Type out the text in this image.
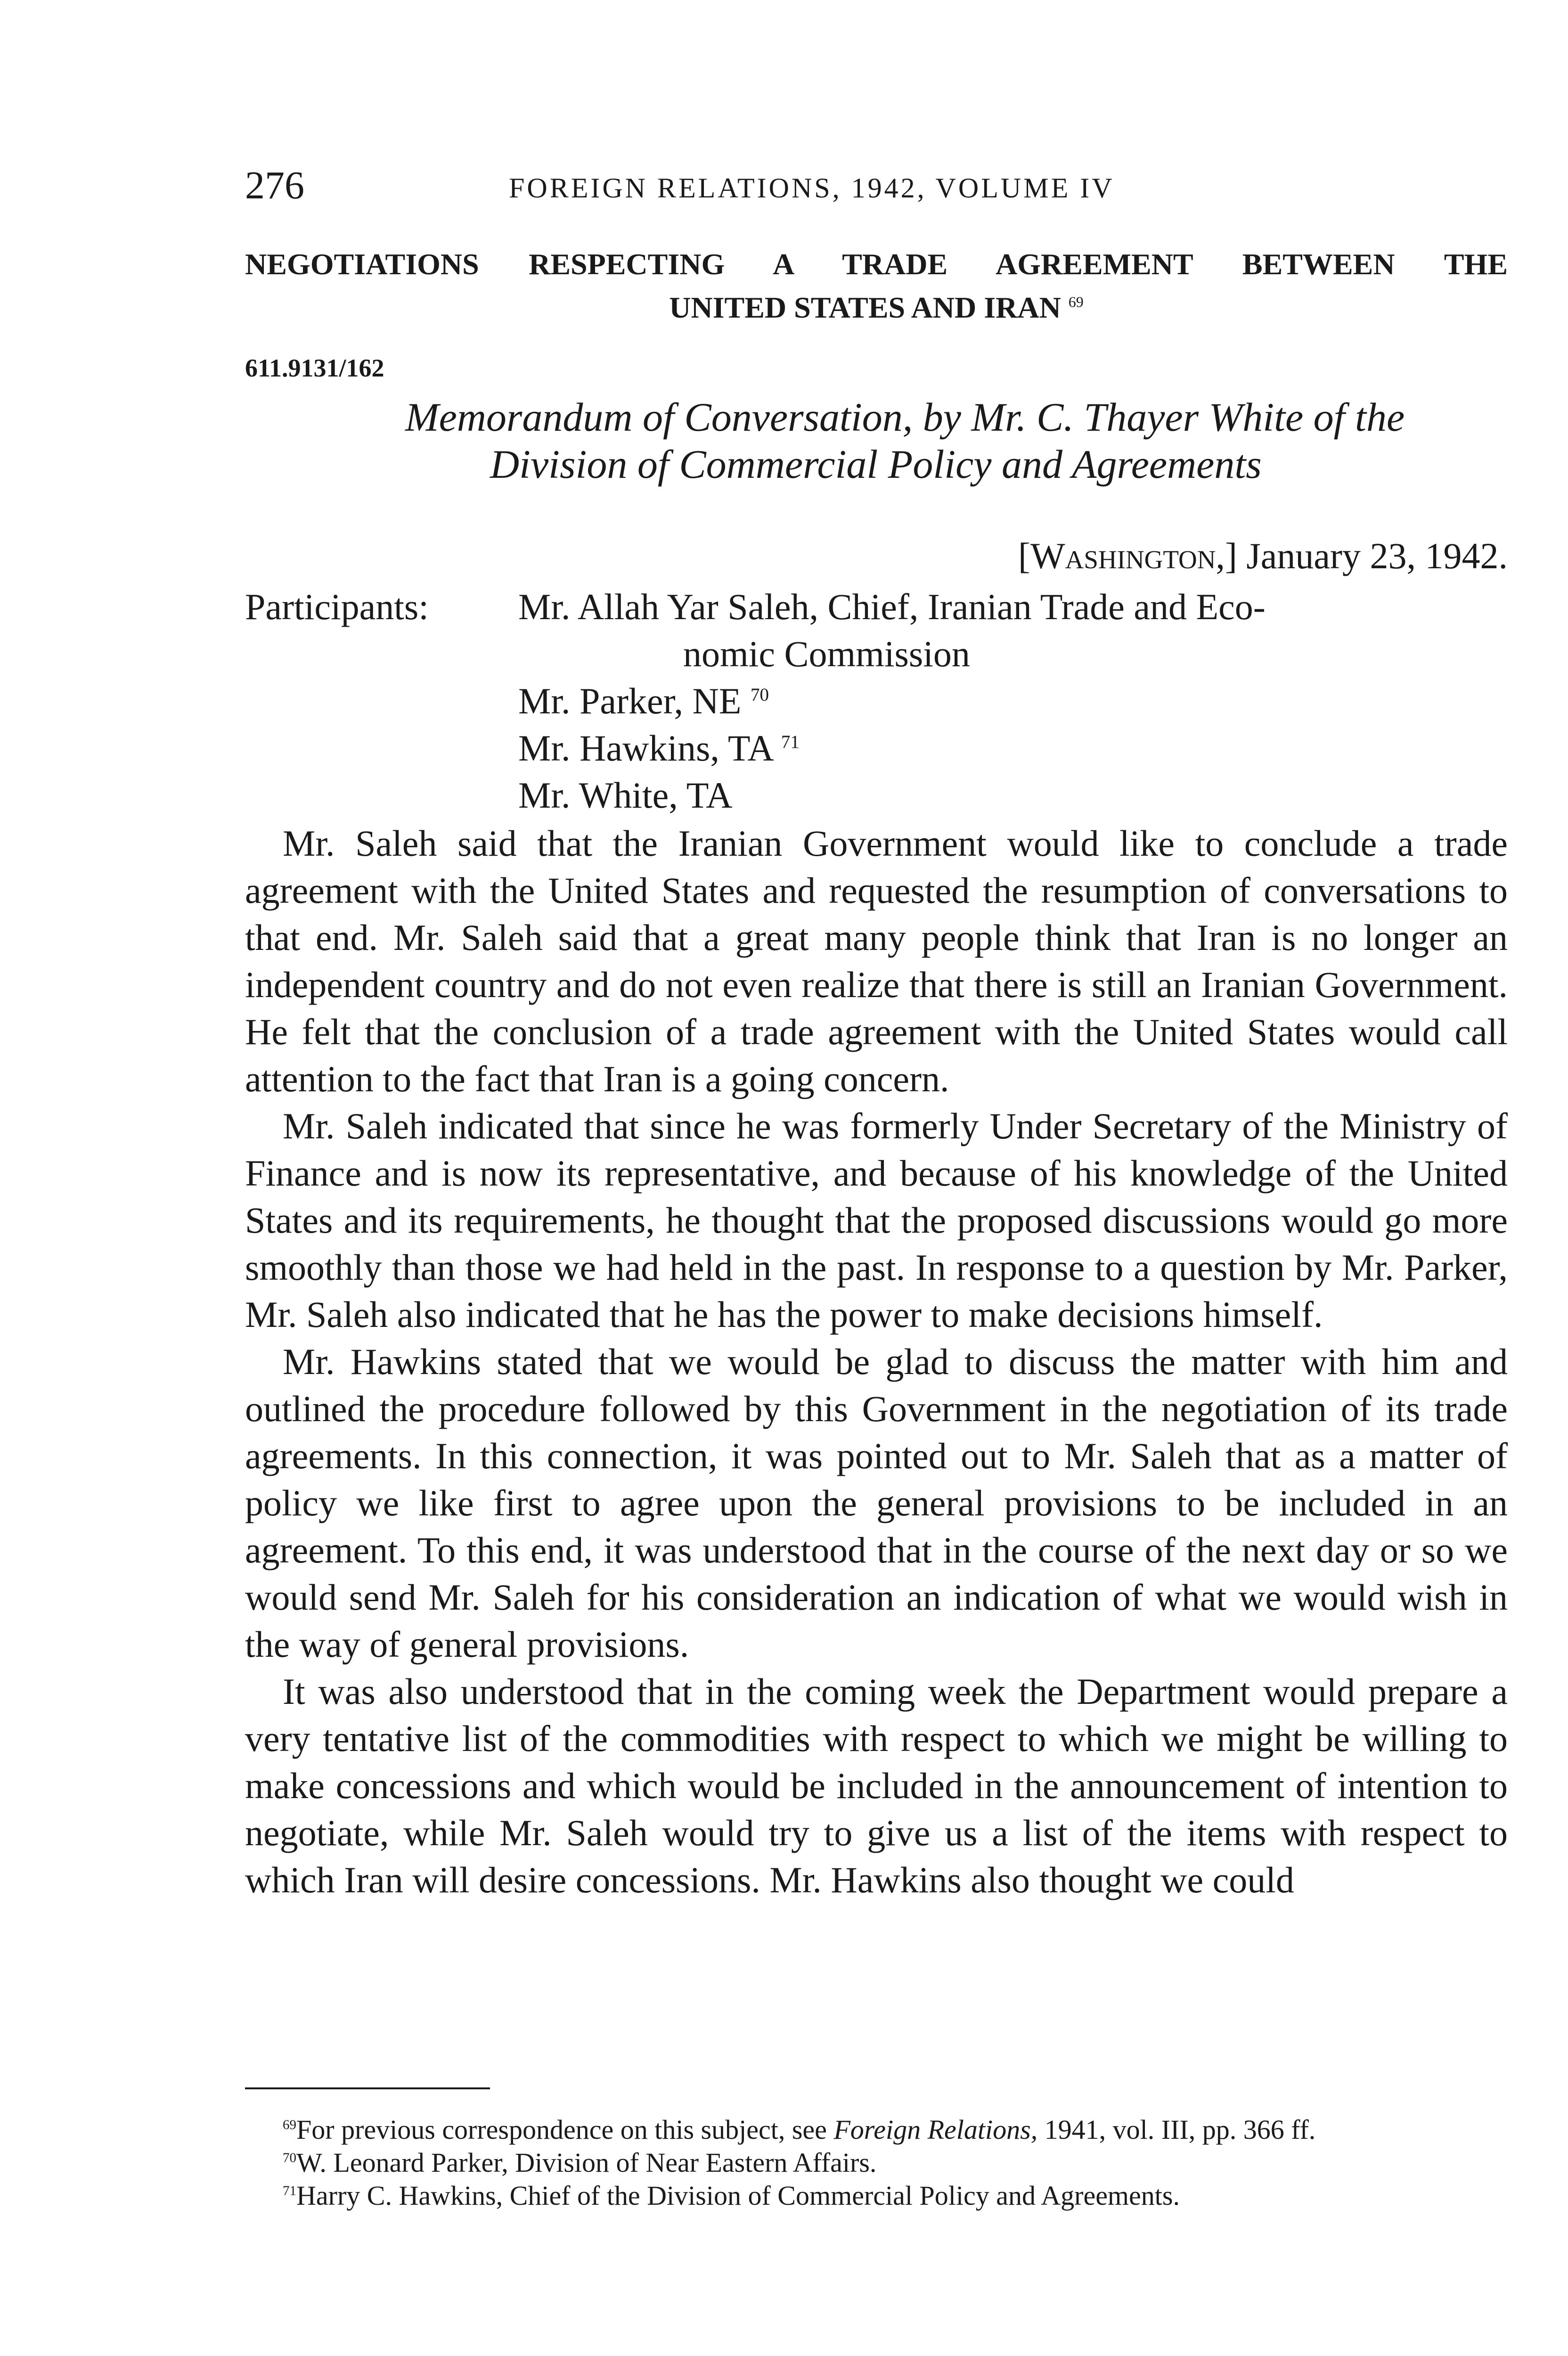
276	FOREIGN RELATIONS, 1942, VOLUME IV
NEGOTIATIONS RESPECTING A TRADE AGREEMENT BETWEEN THE
UNITED STATES AND IRAN $^{69}$
611.9131/162
Memorandum of Conversation, by Mr. C. Thayer White of the
Division of Commercial Policy and Agreements
[Washington,] January 23, 1942.
Participants: Mr. Allah Yar Saleh, Chief, Iranian Trade and Eco-
nomic Commission
Mr. Parker, NE $^{70}$
Mr. Hawkins, TA $^{71}$
Mr. White, TA

Mr. Saleh said that the Iranian Government would like to conclude a trade agreement with the United States and requested the resumption of conversations to that end. Mr. Saleh said that a great many people think that Iran is no longer an independent country and do not even realize that there is still an Iranian Government. He felt that the conclusion of a trade agreement with the United States would call attention to the fact that Iran is a going concern.

Mr. Saleh indicated that since he was formerly Under Secretary of the Ministry of Finance and is now its representative, and because of his knowledge of the United States and its requirements, he thought that the proposed discussions would go more smoothly than those we had held in the past. In response to a question by Mr. Parker, Mr. Saleh also indicated that he has the power to make decisions himself.

Mr. Hawkins stated that we would be glad to discuss the matter with him and outlined the procedure followed by this Government in the negotiation of its trade agreements. In this connection, it was pointed out to Mr. Saleh that as a matter of policy we like first to agree upon the general provisions to be included in an agreement. To this end, it was understood that in the course of the next day or so we would send Mr. Saleh for his consideration an indication of what we would wish in the way of general provisions.

It was also understood that in the coming week the Department would prepare a very tentative list of the commodities with respect to which we might be willing to make concessions and which would be included in the announcement of intention to negotiate, while Mr. Saleh would try to give us a list of the items with respect to which Iran will desire concessions. Mr. Hawkins also thought we could

$^{69}$For previous correspondence on this subject, see Foreign Relations, 1941, vol. III, pp. 366 ff.

$^{70}$W. Leonard Parker, Division of Near Eastern Affairs.

$^{71}$Harry C. Hawkins, Chief of the Division of Commercial Policy and Agreements.
